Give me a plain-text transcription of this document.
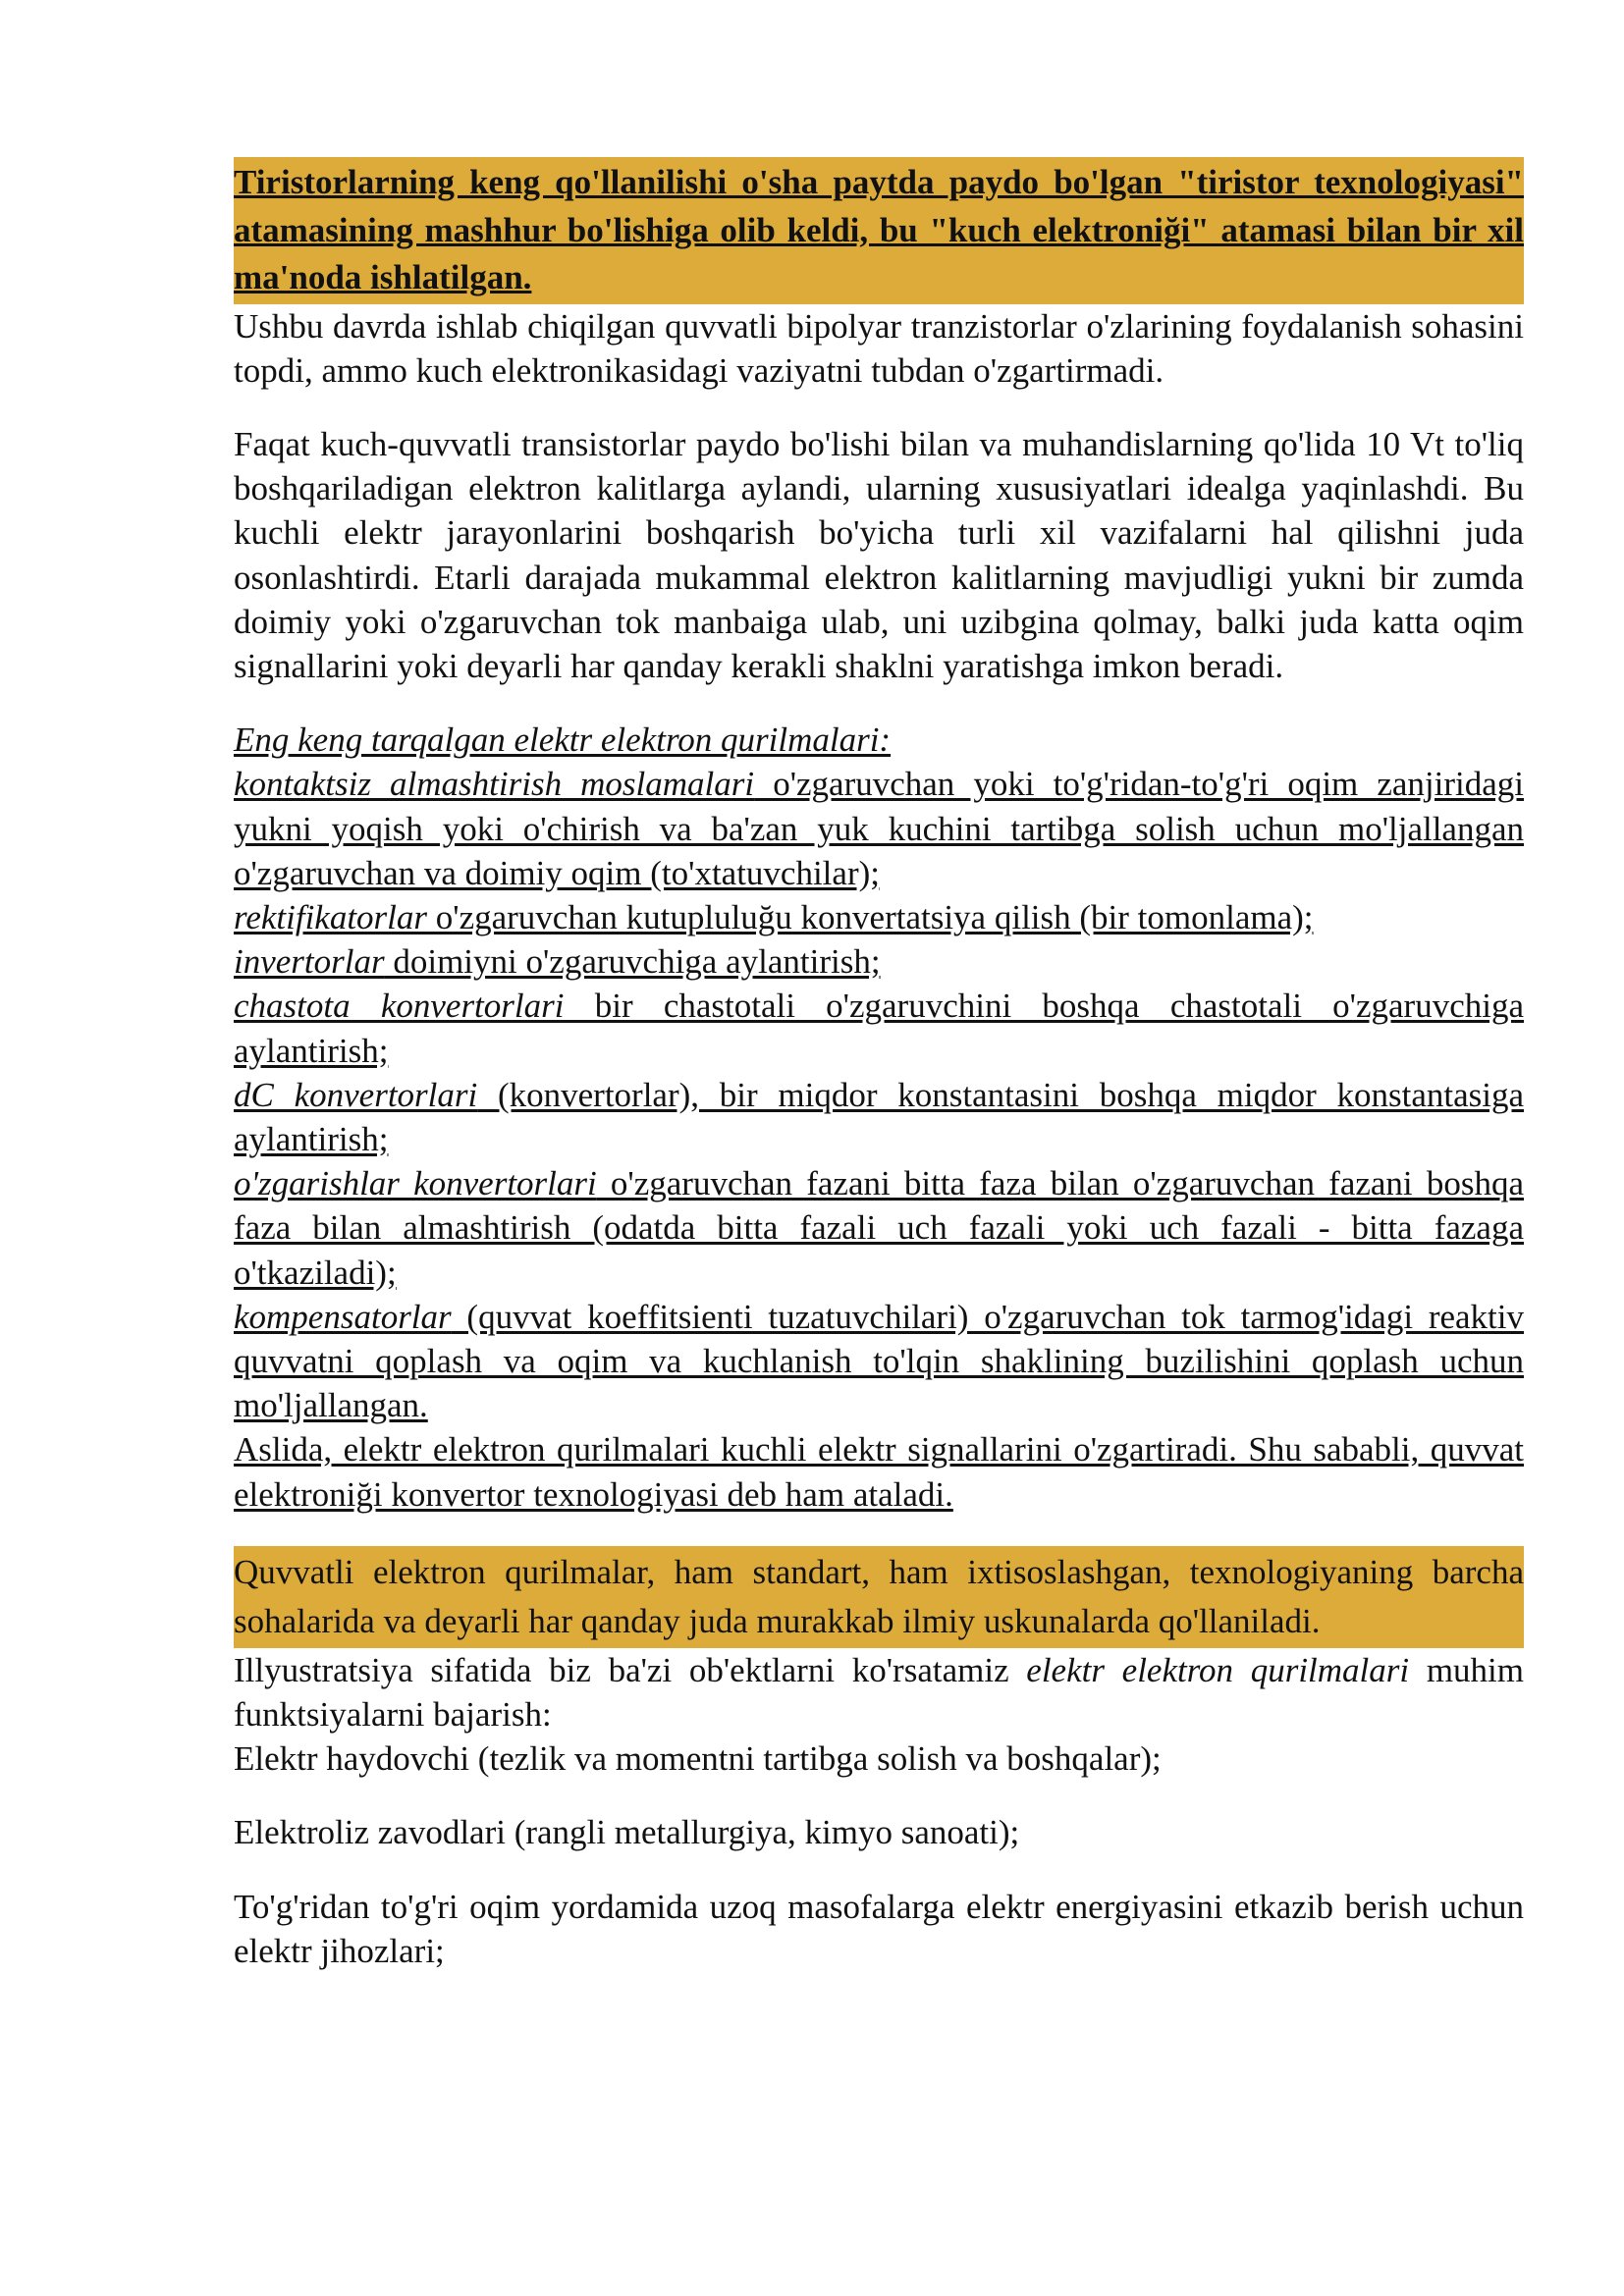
Tiristorlarning keng qo'llanilishi o'sha paytda paydo bo'lgan "tiristor texnologiyasi" atamasining mashhur bo'lishiga olib keldi, bu "kuch elektroniği" atamasi bilan bir xil ma'noda ishlatilgan.

Ushbu davrda ishlab chiqilgan quvvatli bipolyar tranzistorlar o'zlarining foydalanish sohasini topdi, ammo kuch elektronikasidagi vaziyatni tubdan o'zgartirmadi.

Faqat kuch-quvvatli transistorlar paydo bo'lishi bilan va muhandislarning qo'lida 10 Vt to'liq boshqariladigan elektron kalitlarga aylandi, ularning xususiyatlari idealga yaqinlashdi. Bu kuchli elektr jarayonlarini boshqarish bo'yicha turli xil vazifalarni hal qilishni juda osonlashtirdi. Etarli darajada mukammal elektron kalitlarning mavjudligi yukni bir zumda doimiy yoki o'zgaruvchan tok manbaiga ulab, uni uzibgina qolmay, balki juda katta oqim signallarini yoki deyarli har qanday kerakli shaklni yaratishga imkon beradi.

Eng keng tarqalgan elektr elektron qurilmalari:

kontaktsiz almashtirish moslamalari o'zgaruvchan yoki to'g'ridan-to'g'ri oqim zanjiridagi yukni yoqish yoki o'chirish va ba'zan yuk kuchini tartibga solish uchun mo'ljallangan o'zgaruvchan va doimiy oqim (to'xtatuvchilar);

rektifikatorlar o'zgaruvchan kutupluluğu konvertatsiya qilish (bir tomonlama);

invertorlar doimiyni o'zgaruvchiga aylantirish;

chastota konvertorlari bir chastotali o'zgaruvchini boshqa chastotali o'zgaruvchiga aylantirish;

dC konvertorlari (konvertorlar), bir miqdor konstantasini boshqa miqdor konstantasiga aylantirish;

o'zgarishlar konvertorlari o'zgaruvchan fazani bitta faza bilan o'zgaruvchan fazani boshqa faza bilan almashtirish (odatda bitta fazali uch fazali yoki uch fazali - bitta fazaga o'tkaziladi);

kompensatorlar (quvvat koeffitsienti tuzatuvchilari) o'zgaruvchan tok tarmog'idagi reaktiv quvvatni qoplash va oqim va kuchlanish to'lqin shaklining buzilishini qoplash uchun mo'ljallangan.

Aslida, elektr elektron qurilmalari kuchli elektr signallarini o'zgartiradi. Shu sababli, quvvat elektroniği konvertor texnologiyasi deb ham ataladi.

Quvvatli elektron qurilmalar, ham standart, ham ixtisoslashgan, texnologiyaning barcha sohalarida va deyarli har qanday juda murakkab ilmiy uskunalarda qo'llaniladi.

Illyustratsiya sifatida biz ba'zi ob'ektlarni ko'rsatamiz elektr elektron qurilmalari muhim funktsiyalarni bajarish:

Elektr haydovchi (tezlik va momentni tartibga solish va boshqalar);

Elektroliz zavodlari (rangli metallurgiya, kimyo sanoati);

To'g'ridan to'g'ri oqim yordamida uzoq masofalarga elektr energiyasini etkazib berish uchun elektr jihozlari;
